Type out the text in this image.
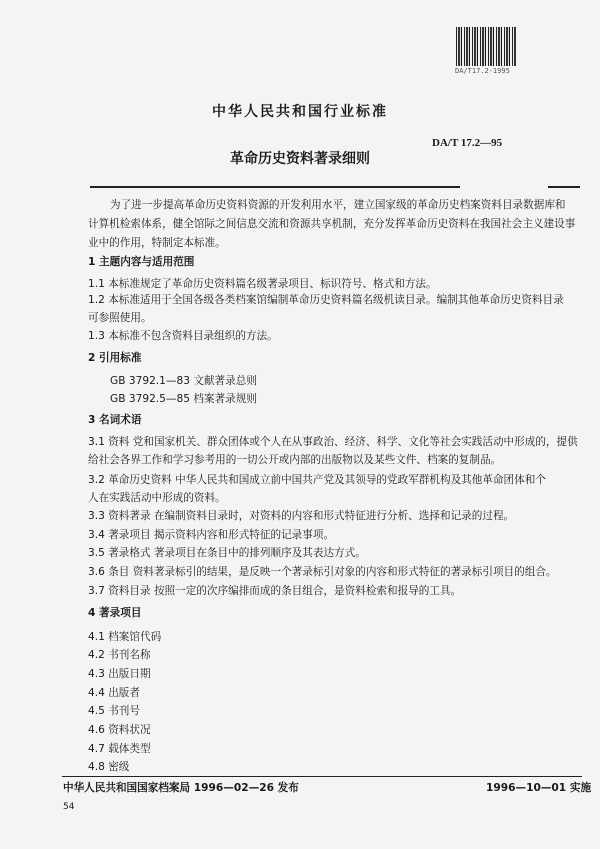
DA/T17.2-1995
中华人民共和国行业标准
DA/T 17.2—95
革命历史资料著录细则
为了进一步提高革命历史资料资源的开发利用水平，建立国家级的革命历史档案资料目录数据库和
计算机检索体系，健全馆际之间信息交流和资源共享机制，充分发挥革命历史资料在我国社会主义建设事
业中的作用，特制定本标准。
1 主题内容与适用范围
1.1 本标准规定了革命历史资料篇名级著录项目、标识符号、格式和方法。
1.2 本标准适用于全国各级各类档案馆编制革命历史资料篇名级机读目录。编制其他革命历史资料目录
可参照使用。
1.3 本标准不包含资料目录组织的方法。
2 引用标准
GB 3792.1—83 文献著录总则
GB 3792.5—85 档案著录规则
3 名词术语
3.1 资料 党和国家机关、群众团体或个人在从事政治、经济、科学、文化等社会实践活动中形成的，提供
给社会各界工作和学习参考用的一切公开或内部的出版物以及某些文件、档案的复制品。
3.2 革命历史资料 中华人民共和国成立前中国共产党及其领导的党政军群机构及其他革命团体和个
人在实践活动中形成的资料。
3.3 资料著录 在编制资料目录时，对资料的内容和形式特征进行分析、选择和记录的过程。
3.4 著录项目 揭示资料内容和形式特征的记录事项。
3.5 著录格式 著录项目在条目中的排列顺序及其表达方式。
3.6 条目 资料著录标引的结果，是反映一个著录标引对象的内容和形式特征的著录标引项目的组合。
3.7 资料目录 按照一定的次序编排而成的条目组合，是资料检索和报导的工具。
4 著录项目
4.1 档案馆代码
4.2 书刊名称
4.3 出版日期
4.4 出版者
4.5 书刊号
4.6 资料状况
4.7 载体类型
4.8 密级
中华人民共和国国家档案局 1996—02—26 发布	1996—10—01 实施
54
